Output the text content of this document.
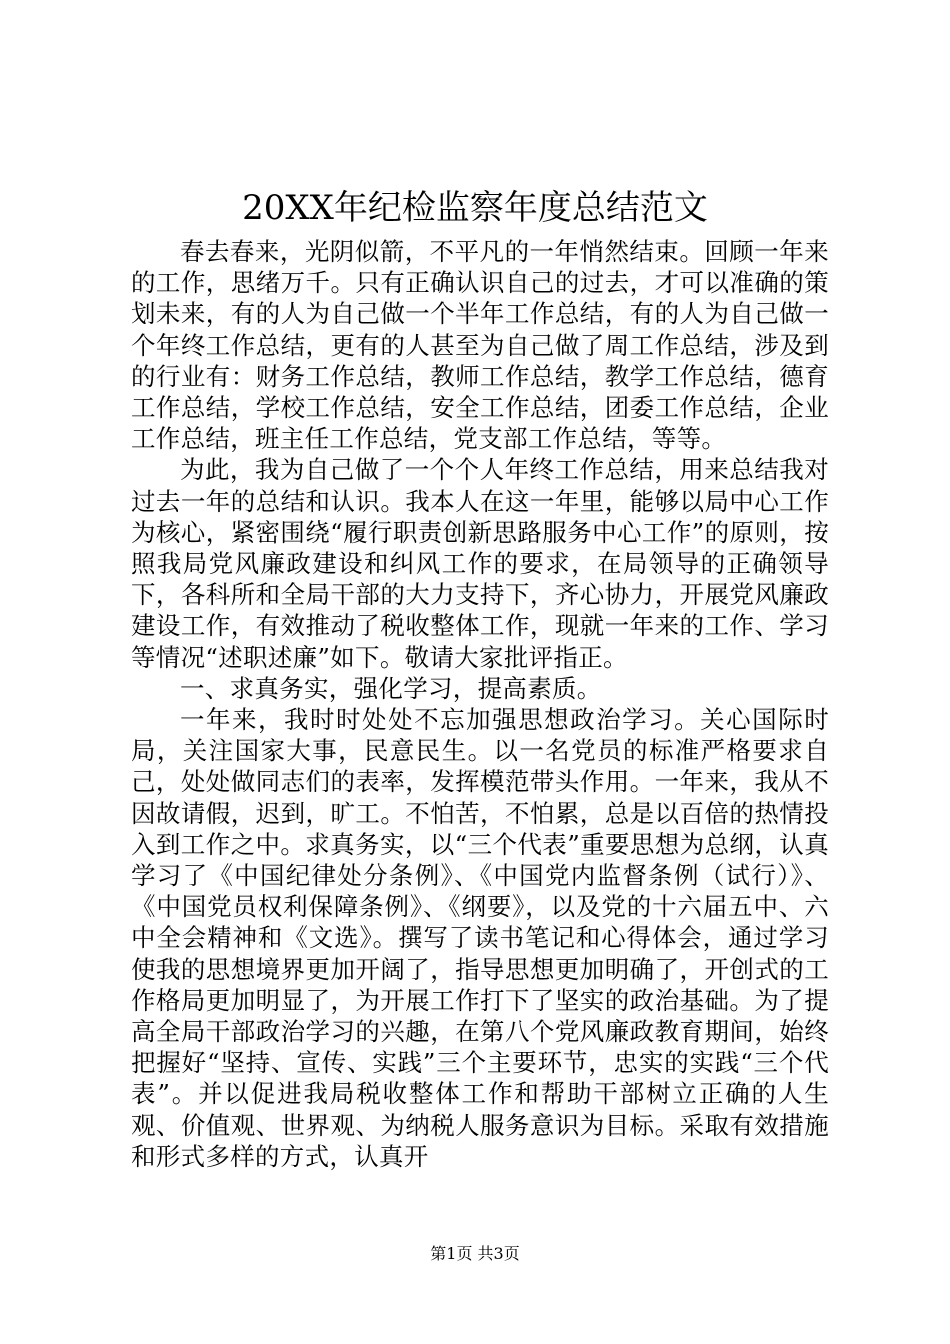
20XX年纪检监察年度总结范文

春去春来，光阴似箭，不平凡的一年悄然结束。回顾一年来的工作，思绪万千。只有正确认识自己的过去，才可以准确的策划未来，有的人为自己做一个半年工作总结，有的人为自己做一个年终工作总结，更有的人甚至为自己做了周工作总结，涉及到的行业有：财务工作总结，教师工作总结，教学工作总结，德育工作总结，学校工作总结，安全工作总结，团委工作总结，企业工作总结，班主任工作总结，党支部工作总结，等等。

为此，我为自己做了一个个人年终工作总结，用来总结我对过去一年的总结和认识。我本人在这一年里，能够以局中心工作为核心，紧密围绕“履行职责创新思路服务中心工作”的原则，按照我局党风廉政建设和纠风工作的要求，在局领导的正确领导下，各科所和全局干部的大力支持下，齐心协力，开展党风廉政建设工作，有效推动了税收整体工作，现就一年来的工作、学习等情况“述职述廉”如下。敬请大家批评指正。

一、求真务实，强化学习，提高素质。

一年来，我时时处处不忘加强思想政治学习。关心国际时局，关注国家大事，民意民生。以一名党员的标准严格要求自己，处处做同志们的表率，发挥模范带头作用。一年来，我从不因故请假，迟到，旷工。不怕苦，不怕累，总是以百倍的热情投入到工作之中。求真务实，以“三个代表”重要思想为总纲，认真学习了《中国纪律处分条例》、《中国党内监督条例（试行）》、《中国党员权利保障条例》、《纲要》，以及党的十六届五中、六中全会精神和《文选》。撰写了读书笔记和心得体会，通过学习使我的思想境界更加开阔了，指导思想更加明确了，开创式的工作格局更加明显了，为开展工作打下了坚实的政治基础。为了提高全局干部政治学习的兴趣，在第八个党风廉政教育期间，始终把握好“坚持、宣传、实践”三个主要环节，忠实的实践“三个代表”。并以促进我局税收整体工作和帮助干部树立正确的人生观、价值观、世界观、为纳税人服务意识为目标。采取有效措施和形式多样的方式，认真开

第1页 共3页
